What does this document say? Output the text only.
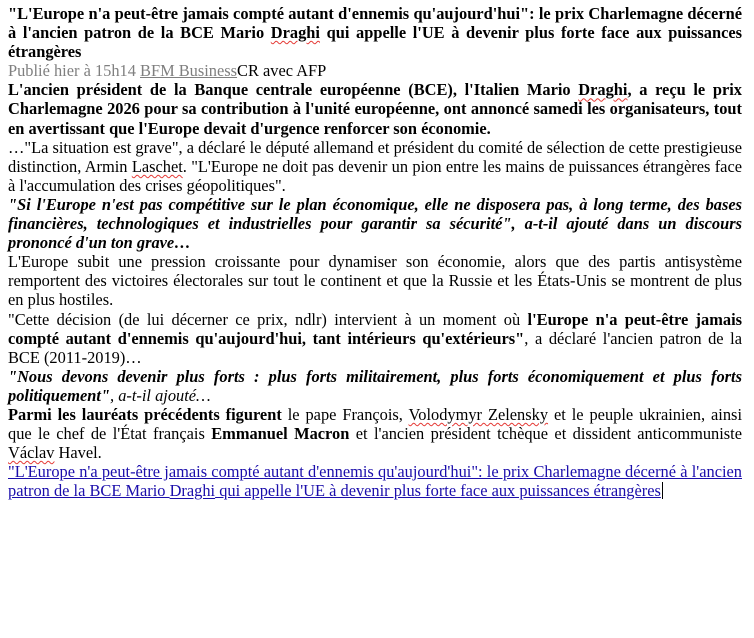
"L'Europe n'a peut-être jamais compté autant d'ennemis qu'aujourd'hui": le prix Charlemagne décerné à l'ancien patron de la BCE Mario Draghi qui appelle l'UE à devenir plus forte face aux puissances étrangères

Publié hier à 15h14 BFM BusinessCR avec AFP

L'ancien président de la Banque centrale européenne (BCE), l'Italien Mario Draghi, a reçu le prix Charlemagne 2026 pour sa contribution à l'unité européenne, ont annoncé samedi les organisateurs, tout en avertissant que l'Europe devait d'urgence renforcer son économie.

…"La situation est grave", a déclaré le député allemand et président du comité de sélection de cette prestigieuse distinction, Armin Laschet. "L'Europe ne doit pas devenir un pion entre les mains de puissances étrangères face à l'accumulation des crises géopolitiques".

"Si l'Europe n'est pas compétitive sur le plan économique, elle ne disposera pas, à long terme, des bases financières, technologiques et industrielles pour garantir sa sécurité", a-t-il ajouté dans un discours prononcé d'un ton grave…

L'Europe subit une pression croissante pour dynamiser son économie, alors que des partis antisystème remportent des victoires électorales sur tout le continent et que la Russie et les États-Unis se montrent de plus en plus hostiles.

"Cette décision (de lui décerner ce prix, ndlr) intervient à un moment où l'Europe n'a peut-être jamais compté autant d'ennemis qu'aujourd'hui, tant intérieurs qu'extérieurs", a déclaré l'ancien patron de la BCE (2011-2019)…

"Nous devons devenir plus forts : plus forts militairement, plus forts économiquement et plus forts politiquement", a-t-il ajouté…

Parmi les lauréats précédents figurent le pape François, Volodymyr Zelensky et le peuple ukrainien, ainsi que le chef de l'État français Emmanuel Macron et l'ancien président tchèque et dissident anticommuniste Václav Havel.

"L'Europe n'a peut-être jamais compté autant d'ennemis qu'aujourd'hui": le prix Charlemagne décerné à l'ancien patron de la BCE Mario Draghi qui appelle l'UE à devenir plus forte face aux puissances étrangères
